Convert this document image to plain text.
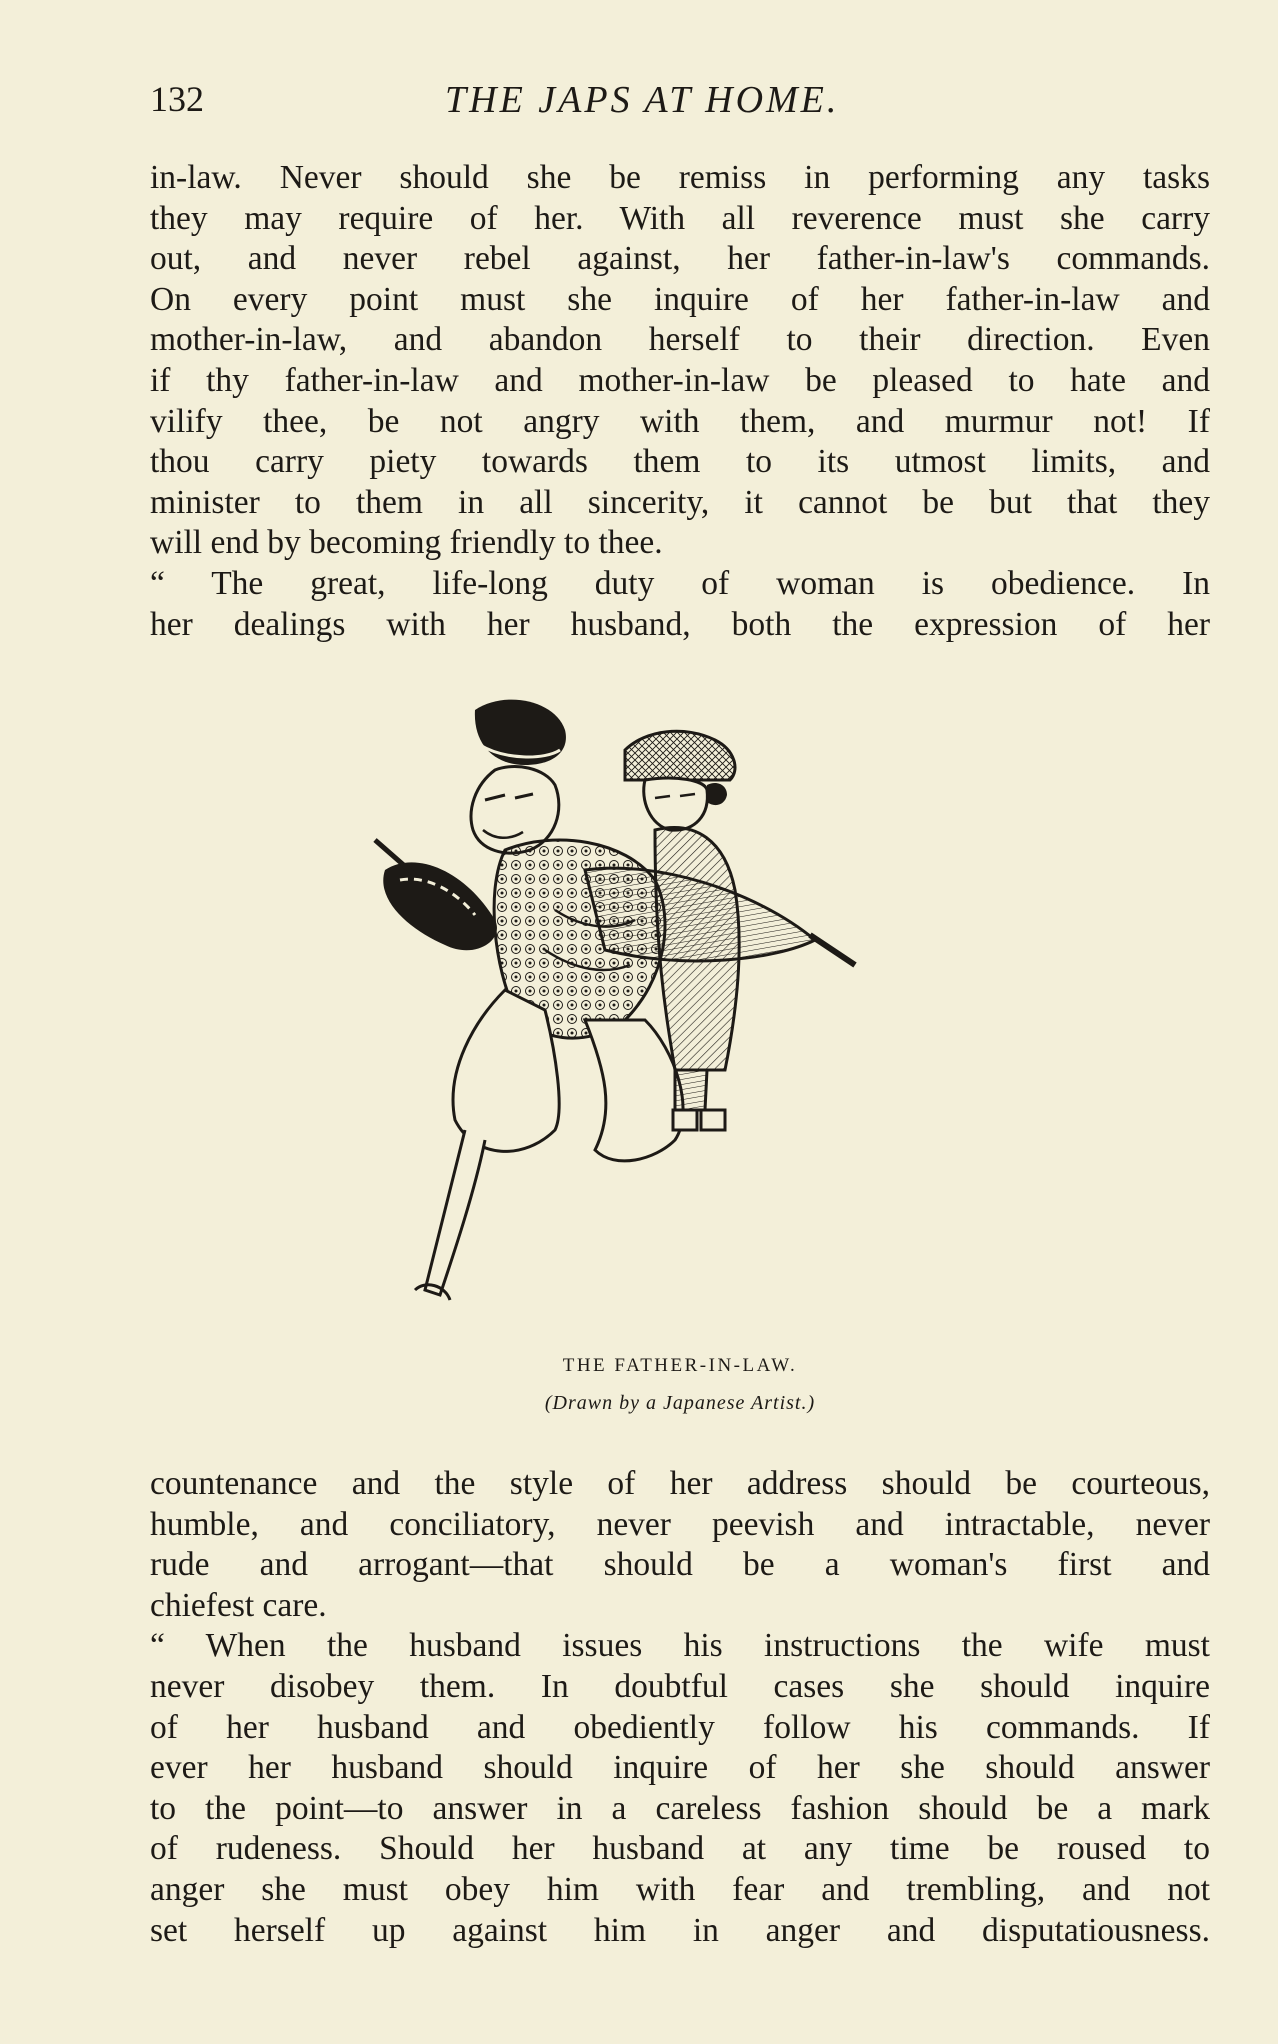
132	THE JAPS AT HOME.
in-law. Never should she be remiss in performing any tasks
they may require of her. With all reverence must she carry
out, and never rebel against, her father-in-law's commands.
On every point must she inquire of her father-in-law and
mother-in-law, and abandon herself to their direction. Even
if thy father-in-law and mother-in-law be pleased to hate and
vilify thee, be not angry with them, and murmur not! If
thou carry piety towards them to its utmost limits, and
minister to them in all sincerity, it cannot be but that they
will end by becoming friendly to thee.
“ The great, life-long duty of woman is obedience. In
her dealings with her husband, both the expression of her
THE FATHER-IN-LAW.
(Drawn by a Japanese Artist.)
countenance and the style of her address should be courteous,
humble, and conciliatory, never peevish and intractable, never
rude and arrogant—that should be a woman's first and
chiefest care.
“ When the husband issues his instructions the wife must
never disobey them. In doubtful cases she should inquire
of her husband and obediently follow his commands. If
ever her husband should inquire of her she should answer
to the point—to answer in a careless fashion should be a mark
of rudeness. Should her husband at any time be roused to
anger she must obey him with fear and trembling, and not
set herself up against him in anger and disputatiousness.
